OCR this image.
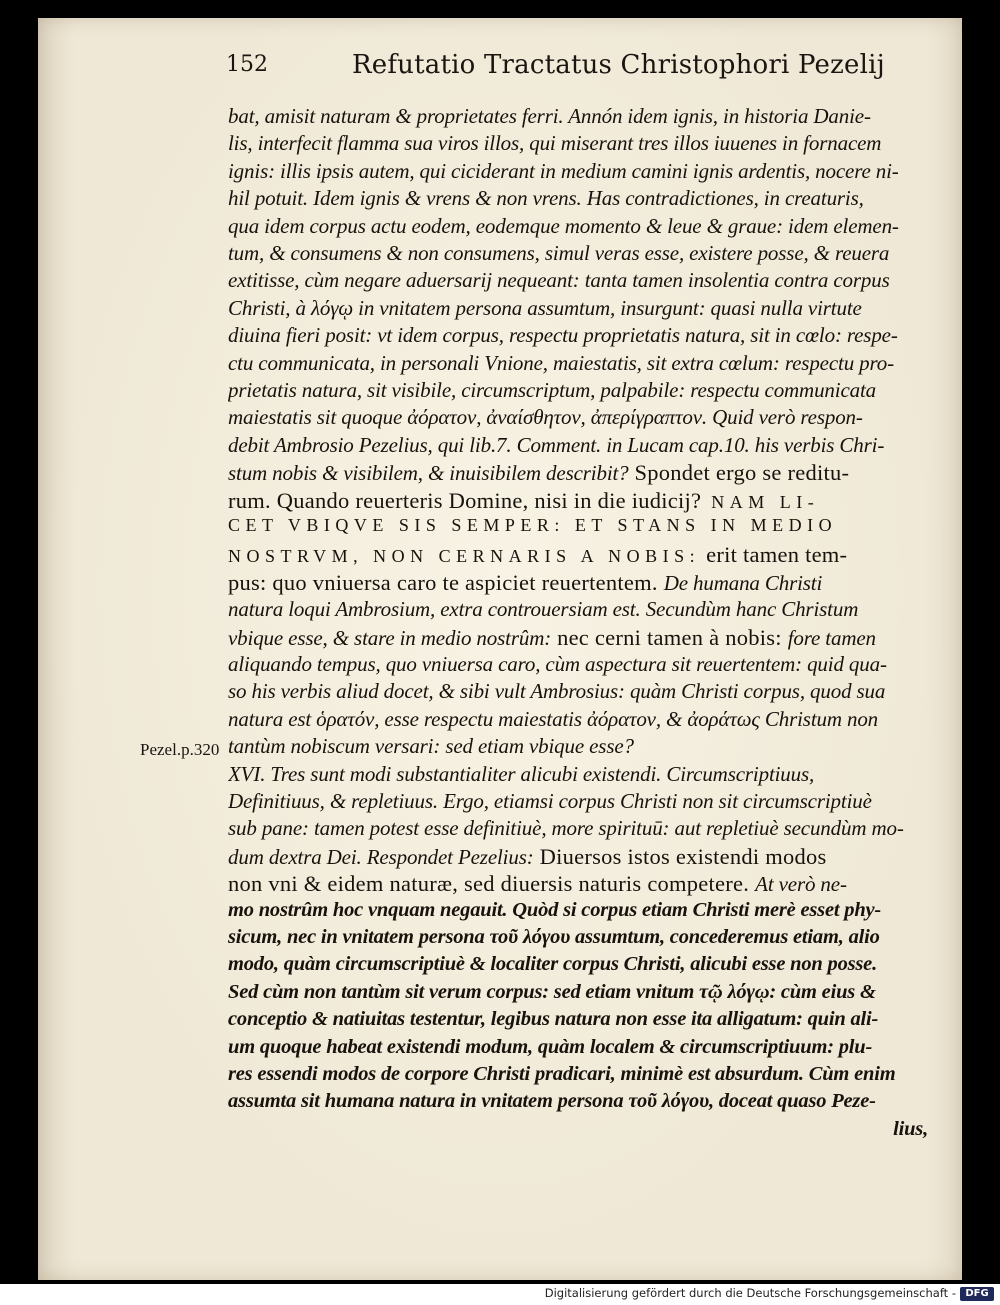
152	Refutatio Tractatus Christophori Pezelij
Pezel.p.320
bat, amisit naturam & proprietates ferri. Annón idem ignis, in historia Danie-
lis, interfecit flamma sua viros illos, qui miserant tres illos iuuenes in fornacem
ignis: illis ipsis autem, qui ciciderant in medium camini ignis ardentis, nocere ni-
hil potuit. Idem ignis & vrens & non vrens. Has contradictiones, in creaturis,
qua idem corpus actu eodem, eodemque momento & leue & graue: idem elemen-
tum, & consumens & non consumens, simul veras esse, existere posse, & reuera
extitisse, cùm negare aduersarij nequeant: tanta tamen insolentia contra corpus
Christi, à λόγῳ in vnitatem persona assumtum, insurgunt: quasi nulla virtute
diuina fieri posit: vt idem corpus, respectu proprietatis natura, sit in cœlo: respe-
ctu communicata, in personali Vnione, maiestatis, sit extra cœlum: respectu pro-
prietatis natura, sit visibile, circumscriptum, palpabile: respectu communicata
maiestatis sit quoque ἀόρατον, ἀναίσθητον, ἀπερίγραπτον. Quid verò respon-
debit Ambrosio Pezelius, qui lib.7. Comment. in Lucam cap.10. his verbis Chri-
stum nobis & visibilem, & inuisibilem describit? Spondet ergo se reditu-
rum. Quando reuerteris Domine, nisi in die iudicij? NAM LI-
CET VBIQVE SIS SEMPER: ET STANS IN MEDIO
NOSTRVM, NON CERNARIS A NOBIS: erit tamen tem-
pus: quo vniuersa caro te aspiciet reuertentem. De humana Christi
natura loqui Ambrosium, extra controuersiam est. Secundùm hanc Christum
vbique esse, & stare in medio nostrûm: nec cerni tamen à nobis: fore tamen
aliquando tempus, quo vniuersa caro, cùm aspectura sit reuertentem: quid qua-
so his verbis aliud docet, & sibi vult Ambrosius: quàm Christi corpus, quod sua
natura est ὁρατόν, esse respectu maiestatis ἀόρατον, & ἀοράτως Christum non
tantùm nobiscum versari: sed etiam vbique esse?
XVI. Tres sunt modi substantialiter alicubi existendi. Circumscriptiuus,
Definitiuus, & repletiuus. Ergo, etiamsi corpus Christi non sit circumscriptiuè
sub pane: tamen potest esse definitiuè, more spirituū: aut repletiuè secundùm mo-
dum dextra Dei. Respondet Pezelius: Diuersos istos existendi modos
non vni & eidem naturæ, sed diuersis naturis competere. At verò ne-
mo nostrûm hoc vnquam negauit. Quòd si corpus etiam Christi merè esset phy-
sicum, nec in vnitatem persona τοῦ λόγου assumtum, concederemus etiam, alio
modo, quàm circumscriptiuè & localiter corpus Christi, alicubi esse non posse.
Sed cùm non tantùm sit verum corpus: sed etiam vnitum τῷ λόγῳ: cùm eius &
conceptio & natiuitas testentur, legibus natura non esse ita alligatum: quin ali-
um quoque habeat existendi modum, quàm localem & circumscriptiuum: plu-
res essendi modos de corpore Christi pradicari, minimè est absurdum. Cùm enim
assumta sit humana natura in vnitatem persona τοῦ λόγου, doceat quaso Peze-
lius,
Digitalisierung gefördert durch die Deutsche Forschungsgemeinschaft - DFG
